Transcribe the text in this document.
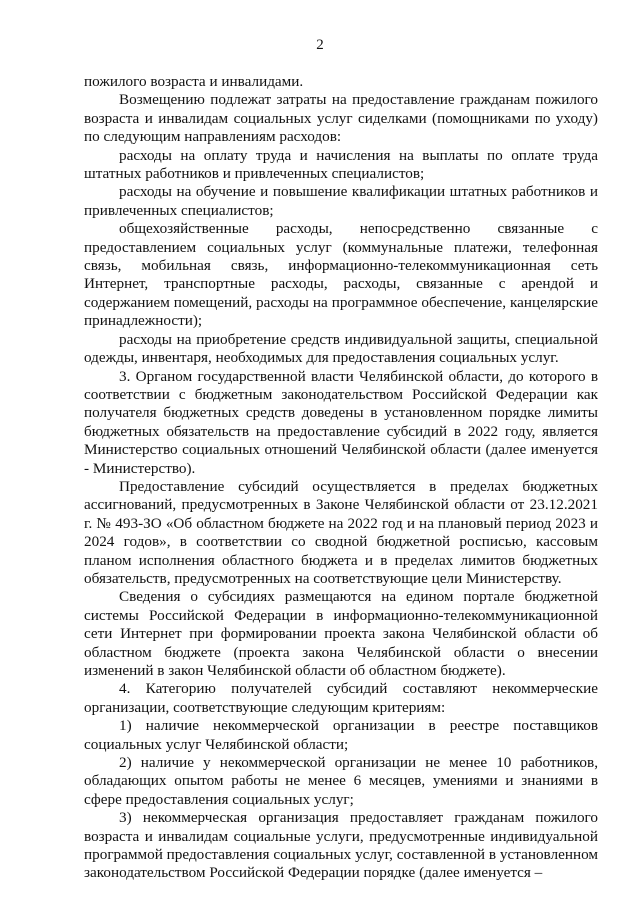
2

пожилого возраста и инвалидами.

Возмещению подлежат затраты на предоставление гражданам пожилого возраста и инвалидам социальных услуг сиделками (помощниками по уходу) по следующим направлениям расходов:

расходы на оплату труда и начисления на выплаты по оплате труда штатных работников и привлеченных специалистов;

расходы на обучение и повышение квалификации штатных работников и привлеченных специалистов;

общехозяйственные расходы, непосредственно связанные с предоставлением социальных услуг (коммунальные платежи, телефонная связь, мобильная связь, информационно-телекоммуникационная сеть Интернет, транспортные расходы, расходы, связанные с арендой и содержанием помещений, расходы на программное обеспечение, канцелярские принадлежности);

расходы на приобретение средств индивидуальной защиты, специальной одежды, инвентаря, необходимых для предоставления социальных услуг.

3. Органом государственной власти Челябинской области, до которого в соответствии с бюджетным законодательством Российской Федерации как получателя бюджетных средств доведены в установленном порядке лимиты бюджетных обязательств на предоставление субсидий в 2022 году, является Министерство социальных отношений Челябинской области (далее именуется - Министерство).

Предоставление субсидий осуществляется в пределах бюджетных ассигнований, предусмотренных в Законе Челябинской области от 23.12.2021 г. № 493-ЗО «Об областном бюджете на 2022 год и на плановый период 2023 и 2024 годов», в соответствии со сводной бюджетной росписью, кассовым планом исполнения областного бюджета и в пределах лимитов бюджетных обязательств, предусмотренных на соответствующие цели Министерству.

Сведения о субсидиях размещаются на едином портале бюджетной системы Российской Федерации в информационно-телекоммуникационной сети Интернет при формировании проекта закона Челябинской области об областном бюджете (проекта закона Челябинской области о внесении изменений в закон Челябинской области об областном бюджете).

4. Категорию получателей субсидий составляют некоммерческие организации, соответствующие следующим критериям:

1) наличие некоммерческой организации в реестре поставщиков социальных услуг Челябинской области;

2) наличие у некоммерческой организации не менее 10 работников, обладающих опытом работы не менее 6 месяцев, умениями и знаниями в сфере предоставления социальных услуг;

3) некоммерческая организация предоставляет гражданам пожилого возраста и инвалидам социальные услуги, предусмотренные индивидуальной программой предоставления социальных услуг, составленной в установленном законодательством Российской Федерации порядке (далее именуется –
